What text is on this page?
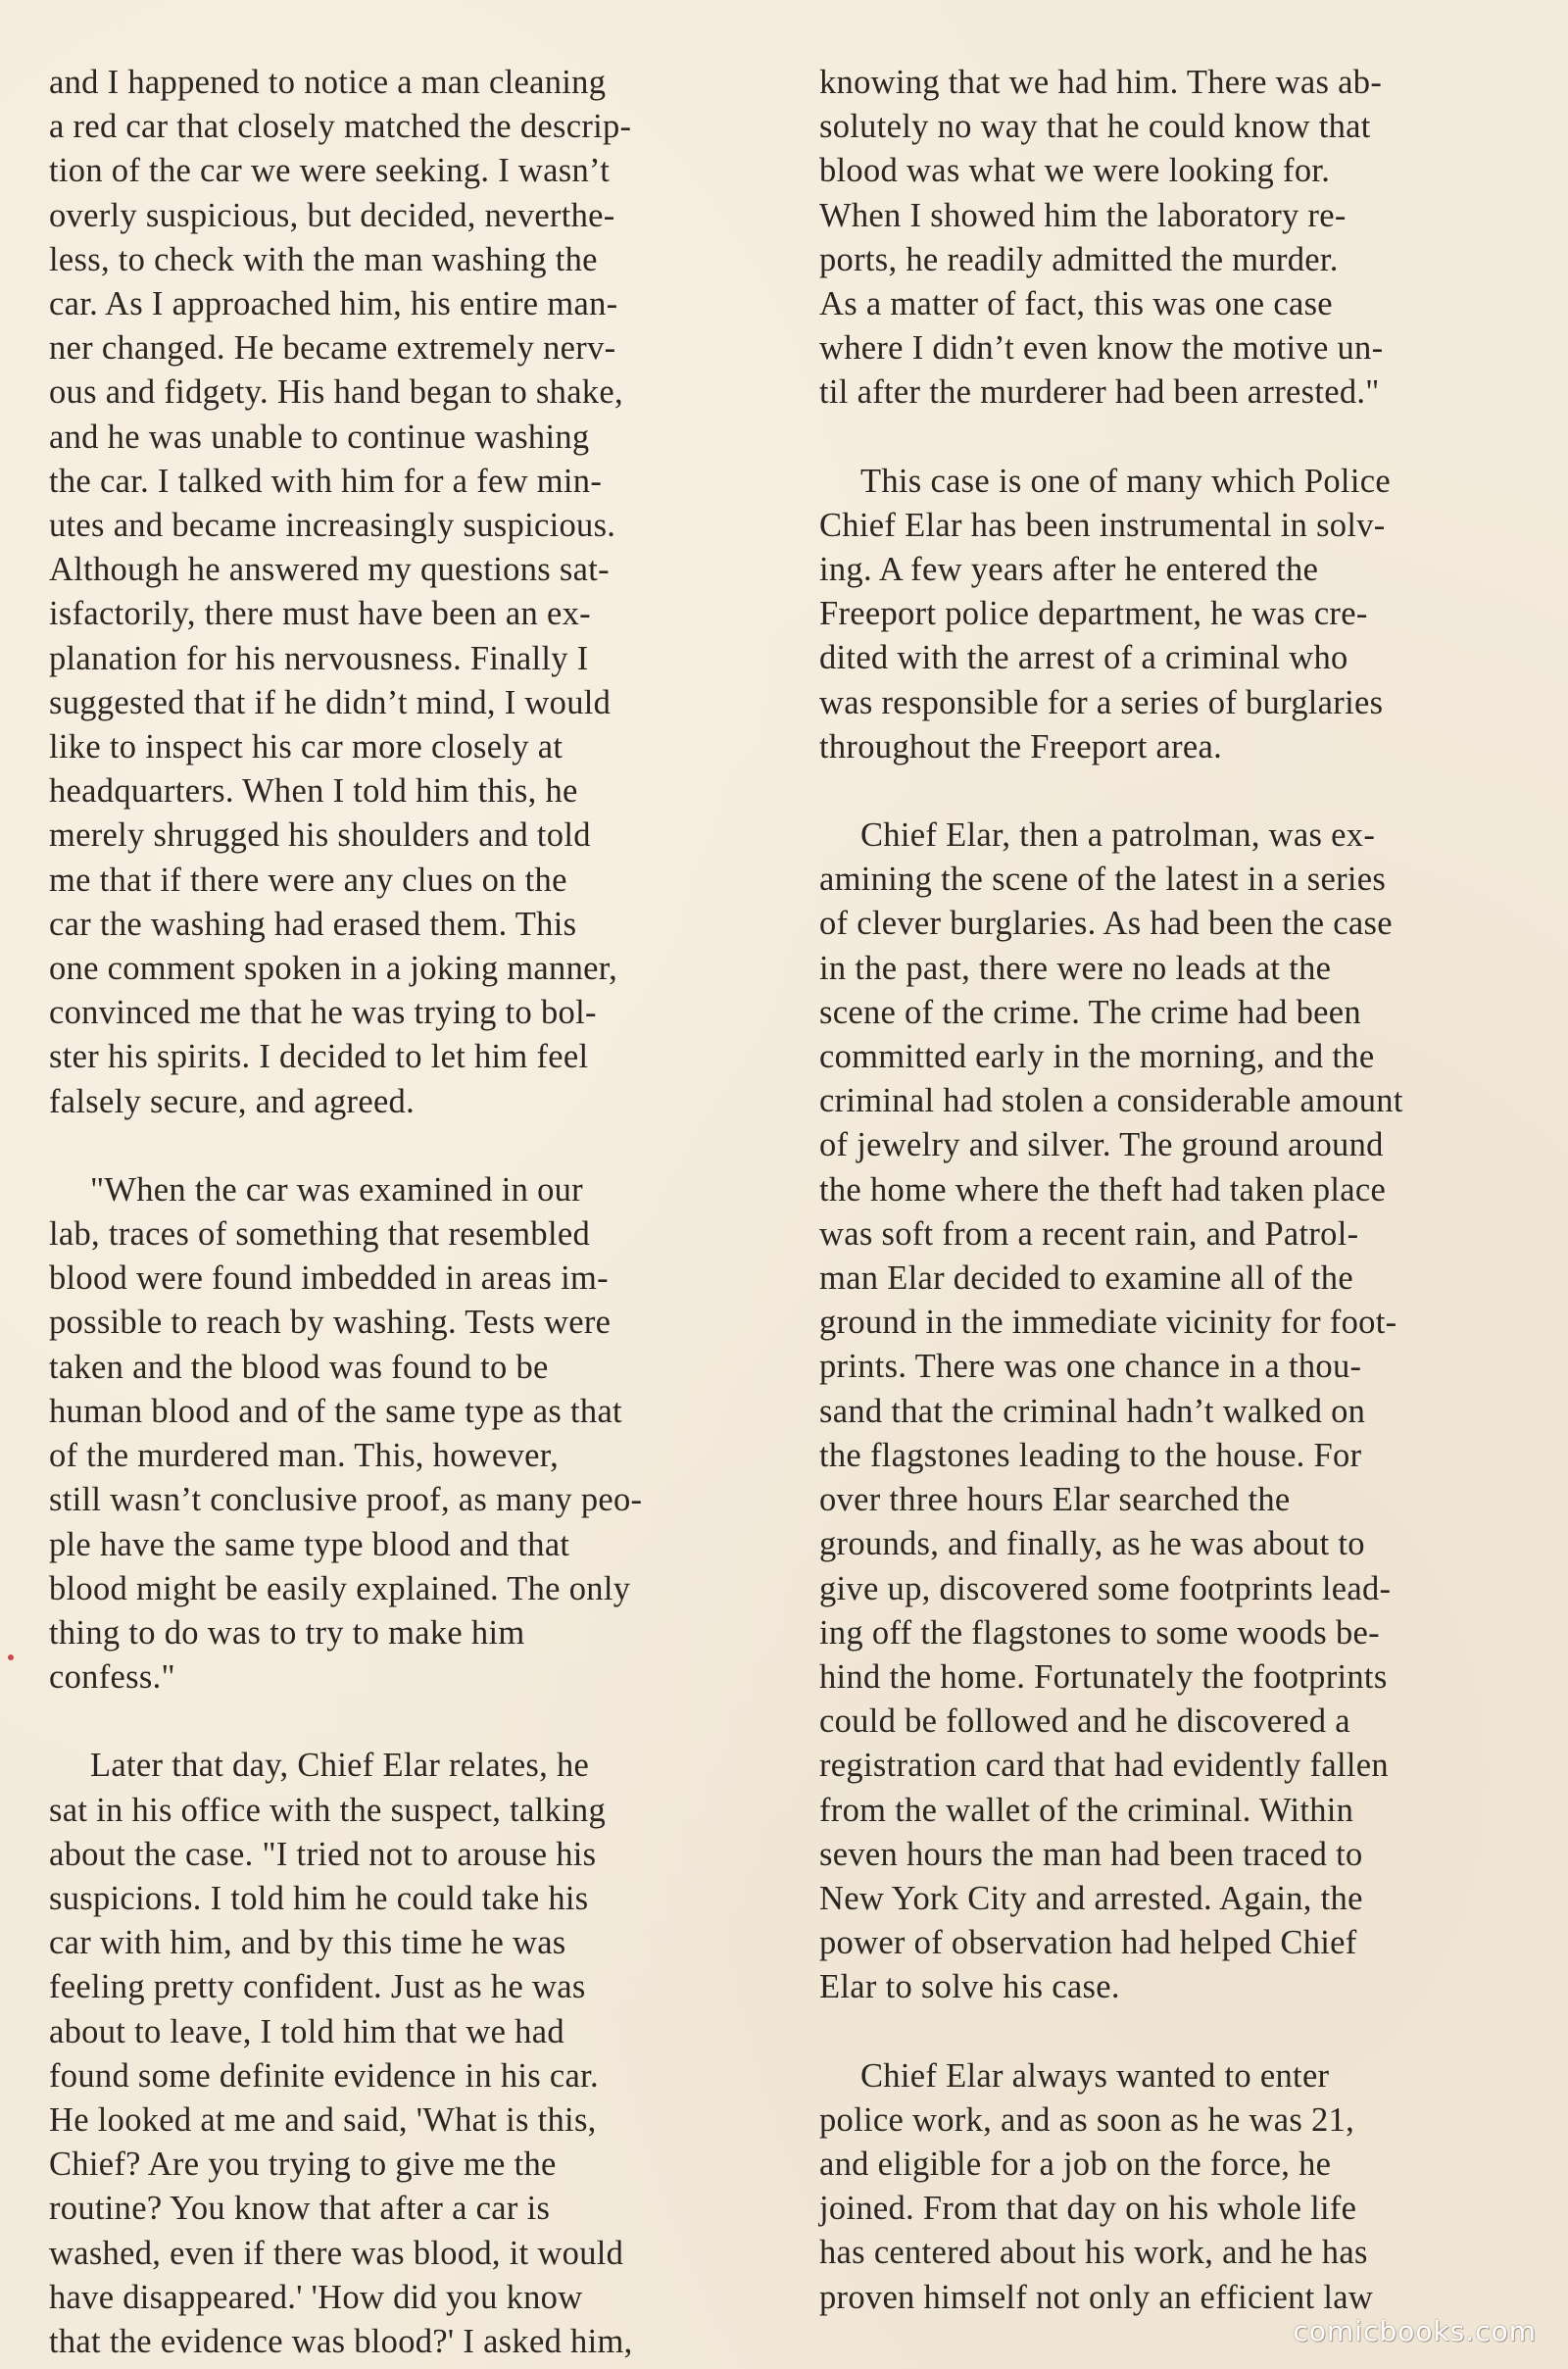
and I happened to notice a man cleaning
a red car that closely matched the descrip-
tion of the car we were seeking. I wasn’t
overly suspicious, but decided, neverthe-
less, to check with the man washing the
car. As I approached him, his entire man-
ner changed. He became extremely nerv-
ous and fidgety. His hand began to shake,
and he was unable to continue washing
the car. I talked with him for a few min-
utes and became increasingly suspicious.
Although he answered my questions sat-
isfactorily, there must have been an ex-
planation for his nervousness. Finally I
suggested that if he didn’t mind, I would
like to inspect his car more closely at
headquarters. When I told him this, he
merely shrugged his shoulders and told
me that if there were any clues on the
car the washing had erased them. This
one comment spoken in a joking manner,
convinced me that he was trying to bol-
ster his spirits. I decided to let him feel
falsely secure, and agreed.

"When the car was examined in our
lab, traces of something that resembled
blood were found imbedded in areas im-
possible to reach by washing. Tests were
taken and the blood was found to be
human blood and of the same type as that
of the murdered man. This, however,
still wasn’t conclusive proof, as many peo-
ple have the same type blood and that
blood might be easily explained. The only
thing to do was to try to make him
confess."

Later that day, Chief Elar relates, he
sat in his office with the suspect, talking
about the case. "I tried not to arouse his
suspicions. I told him he could take his
car with him, and by this time he was
feeling pretty confident. Just as he was
about to leave, I told him that we had
found some definite evidence in his car.
He looked at me and said, 'What is this,
Chief? Are you trying to give me the
routine? You know that after a car is
washed, even if there was blood, it would
have disappeared.' 'How did you know
that the evidence was blood?' I asked him,

knowing that we had him. There was ab-
solutely no way that he could know that
blood was what we were looking for.
When I showed him the laboratory re-
ports, he readily admitted the murder.
As a matter of fact, this was one case
where I didn’t even know the motive un-
til after the murderer had been arrested."

This case is one of many which Police
Chief Elar has been instrumental in solv-
ing. A few years after he entered the
Freeport police department, he was cre-
dited with the arrest of a criminal who
was responsible for a series of burglaries
throughout the Freeport area.

Chief Elar, then a patrolman, was ex-
amining the scene of the latest in a series
of clever burglaries. As had been the case
in the past, there were no leads at the
scene of the crime. The crime had been
committed early in the morning, and the
criminal had stolen a considerable amount
of jewelry and silver. The ground around
the home where the theft had taken place
was soft from a recent rain, and Patrol-
man Elar decided to examine all of the
ground in the immediate vicinity for foot-
prints. There was one chance in a thou-
sand that the criminal hadn’t walked on
the flagstones leading to the house. For
over three hours Elar searched the
grounds, and finally, as he was about to
give up, discovered some footprints lead-
ing off the flagstones to some woods be-
hind the home. Fortunately the footprints
could be followed and he discovered a
registration card that had evidently fallen
from the wallet of the criminal. Within
seven hours the man had been traced to
New York City and arrested. Again, the
power of observation had helped Chief
Elar to solve his case.

Chief Elar always wanted to enter
police work, and as soon as he was 21,
and eligible for a job on the force, he
joined. From that day on his whole life
has centered about his work, and he has
proven himself not only an efficient law

comicbooks.com
